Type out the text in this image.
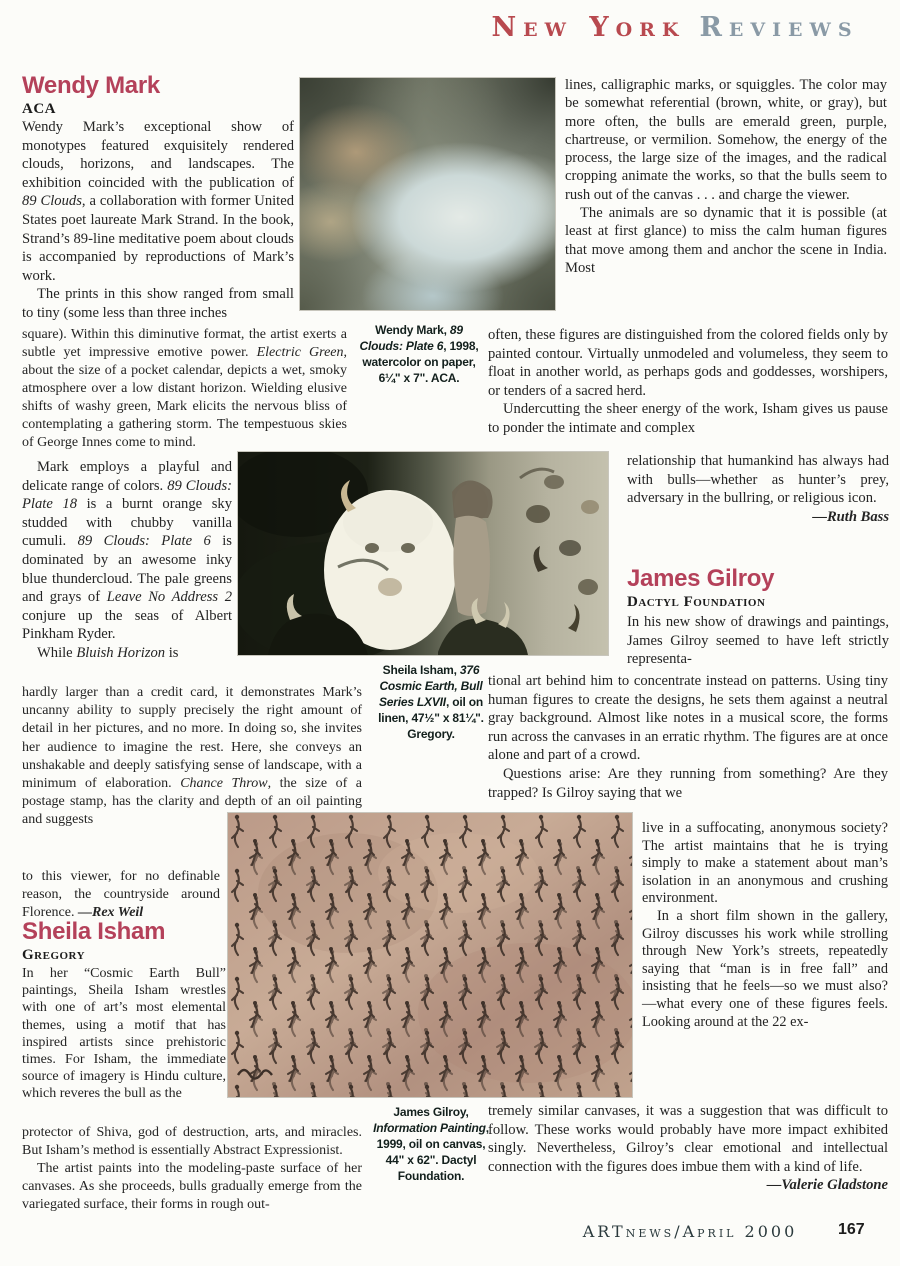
New York Reviews
Wendy Mark
ACA

Wendy Mark’s exceptional show of monotypes featured exquisitely rendered clouds, horizons, and landscapes. The exhibition coincided with the publication of 89 Clouds, a collaboration with former United States poet laureate Mark Strand. In the book, Strand’s 89-line meditative poem about clouds is accompanied by reproductions of Mark’s work.

The prints in this show ranged from small to tiny (some less than three inches

Wendy Mark, 89 Clouds: Plate 6, 1998, watercolor on paper, 6¼" x 7". ACA.

square). Within this diminutive format, the artist exerts a subtle yet impressive emotive power. Electric Green, about the size of a pocket calendar, depicts a wet, smoky atmosphere over a low distant horizon. Wielding elusive shifts of washy green, Mark elicits the nervous bliss of contemplating a gathering storm. The tempestuous skies of George Innes come to mind.

Mark employs a playful and delicate range of colors. 89 Clouds: Plate 18 is a burnt orange sky studded with chubby vanilla cumuli. 89 Clouds: Plate 6 is dominated by an awesome inky blue thundercloud. The pale greens and grays of Leave No Address 2 conjure up the seas of Albert Pinkham Ryder.

While Bluish Horizon is

hardly larger than a credit card, it demonstrates Mark’s uncanny ability to supply precisely the right amount of detail in her pictures, and no more. In doing so, she invites her audience to imagine the rest. Here, she conveys an unshakable and deeply satisfying sense of landscape, with a minimum of elaboration. Chance Throw, the size of a postage stamp, has the clarity and depth of an oil painting and suggests

to this viewer, for no definable reason, the countryside around Florence. —Rex Weil

Sheila Isham, 376 Cosmic Earth, Bull Series LXVII, oil on linen, 47½" x 81¼". Gregory.
Sheila Isham
Gregory

In her “Cosmic Earth Bull” paintings, Sheila Isham wrestles with one of art’s most elemental themes, using a motif that has inspired artists since prehistoric times. For Isham, the immediate source of imagery is Hindu culture, which reveres the bull as the

protector of Shiva, god of destruction, arts, and miracles. But Isham’s method is essentially Abstract Expressionist.

The artist paints into the modeling-paste surface of her canvases. As she proceeds, bulls gradually emerge from the variegated surface, their forms in rough out-

lines, calligraphic marks, or squiggles. The color may be somewhat referential (brown, white, or gray), but more often, the bulls are emerald green, purple, chartreuse, or vermilion. Somehow, the energy of the process, the large size of the images, and the radical cropping animate the works, so that the bulls seem to rush out of the canvas . . . and charge the viewer.

The animals are so dynamic that it is possible (at least at first glance) to miss the calm human figures that move among them and anchor the scene in India. Most

often, these figures are distinguished from the colored fields only by painted contour. Virtually unmodeled and volumeless, they seem to float in another world, as perhaps gods and goddesses, worshipers, or tenders of a sacred herd.

Undercutting the sheer energy of the work, Isham gives us pause to ponder the intimate and complex

relationship that humankind has always had with bulls—whether as hunter’s prey, adversary in the bullring, or religious icon.

—Ruth Bass
James Gilroy
Dactyl Foundation

In his new show of drawings and paintings, James Gilroy seemed to have left strictly representa-

tional art behind him to concentrate instead on patterns. Using tiny human figures to create the designs, he sets them against a neutral gray background. Almost like notes in a musical score, the forms run across the canvases in an erratic rhythm. The figures are at once alone and part of a crowd.

Questions arise: Are they running from something? Are they trapped? Is Gilroy saying that we

live in a suffocating, anonymous society? The artist maintains that he is trying simply to make a statement about man’s isolation in an anonymous and crushing environment.

In a short film shown in the gallery, Gilroy discusses his work while strolling through New York’s streets, repeatedly saying that “man is in free fall” and insisting that he feels—so we must also?—what every one of these figures feels. Looking around at the 22 ex-

James Gilroy, Information Painting, 1999, oil on canvas, 44" x 62". Dactyl Foundation.

tremely similar canvases, it was a suggestion that was difficult to follow. These works would probably have more impact exhibited singly. Nevertheless, Gilroy’s clear emotional and intellectual connection with the figures does imbue them with a kind of life.

—Valerie Gladstone
ARTnews/April 2000	167
